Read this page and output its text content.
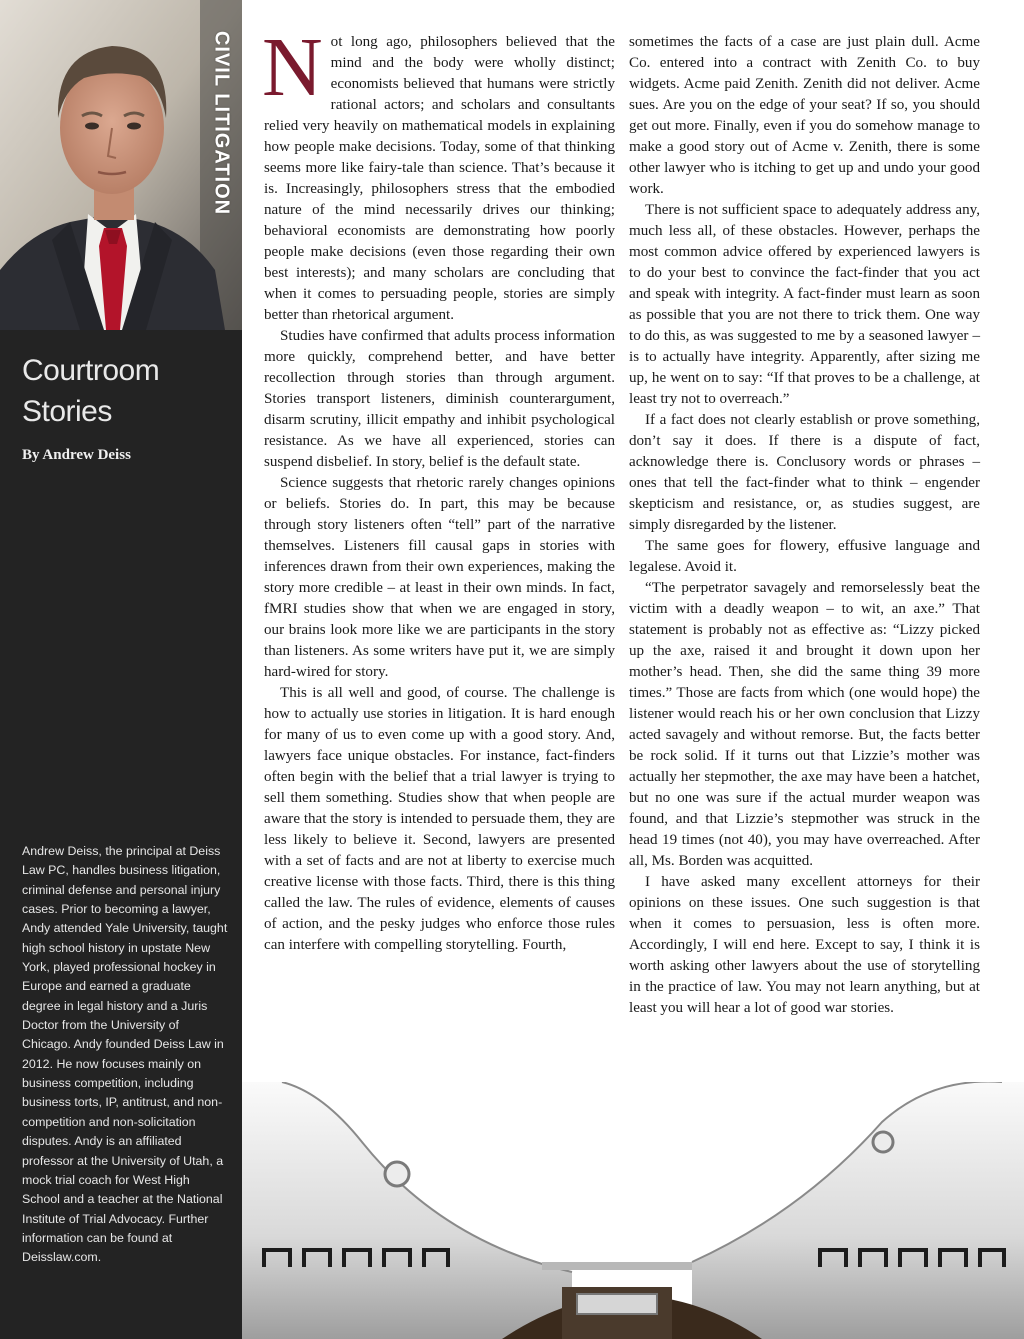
CIVIL LITIGATION
Courtroom Stories

By Andrew Deiss

Andrew Deiss, the principal at Deiss Law PC, handles business litigation, criminal defense and personal injury cases. Prior to becoming a lawyer, Andy attended Yale University, taught high school history in upstate New York, played professional hockey in Europe and earned a graduate degree in legal history and a Juris Doctor from the University of Chicago. Andy founded Deiss Law in 2012. He now focuses mainly on business competition, including business torts, IP, antitrust, and non-competition and non-solicitation disputes. Andy is an affiliated professor at the University of Utah, a mock trial coach for West High School and a teacher at the National Institute of Trial Advocacy. Further information can be found at Deisslaw.com.

N ot long ago, philosophers believed that the mind and the body were wholly distinct; economists believed that humans were strictly rational actors; and scholars and consultants relied very heavily on mathematical models in explaining how people make decisions. Today, some of that thinking seems more like fairy-tale than science. That’s because it is. Increasingly, philosophers stress that the embodied nature of the mind necessarily drives our thinking; behavioral economists are demonstrating how poorly people make decisions (even those regarding their own best interests); and many scholars are concluding that when it comes to persuading people, stories are simply better than rhetorical argument.

Studies have confirmed that adults process information more quickly, comprehend better, and have better recollection through stories than through argument. Stories transport listeners, diminish counterargument, disarm scrutiny, illicit empathy and inhibit psychological resistance. As we have all experienced, stories can suspend disbelief. In story, belief is the default state.

Science suggests that rhetoric rarely changes opinions or beliefs. Stories do. In part, this may be because through story listeners often “tell” part of the narrative themselves. Listeners fill causal gaps in stories with inferences drawn from their own experiences, making the story more credible – at least in their own minds. In fact, fMRI studies show that when we are engaged in story, our brains look more like we are participants in the story than listeners. As some writers have put it, we are simply hard-wired for story.

This is all well and good, of course. The challenge is how to actually use stories in litigation. It is hard enough for many of us to even come up with a good story. And, lawyers face unique obstacles. For instance, fact-finders often begin with the belief that a trial lawyer is trying to sell them something. Studies show that when people are aware that the story is intended to persuade them, they are less likely to believe it. Second, lawyers are presented with a set of facts and are not at liberty to exercise much creative license with those facts. Third, there is this thing called the law. The rules of evidence, elements of causes of action, and the pesky judges who enforce those rules can interfere with compelling storytelling. Fourth,

sometimes the facts of a case are just plain dull. Acme Co. entered into a contract with Zenith Co. to buy widgets. Acme paid Zenith. Zenith did not deliver. Acme sues. Are you on the edge of your seat? If so, you should get out more. Finally, even if you do somehow manage to make a good story out of Acme v. Zenith, there is some other lawyer who is itching to get up and undo your good work.

There is not sufficient space to adequately address any, much less all, of these obstacles. However, perhaps the most common advice offered by experienced lawyers is to do your best to convince the fact-finder that you act and speak with integrity. A fact-finder must learn as soon as possible that you are not there to trick them. One way to do this, as was suggested to me by a seasoned lawyer – is to actually have integrity. Apparently, after sizing me up, he went on to say: “If that proves to be a challenge, at least try not to overreach.”

If a fact does not clearly establish or prove something, don’t say it does. If there is a dispute of fact, acknowledge there is. Conclusory words or phrases – ones that tell the fact-finder what to think – engender skepticism and resistance, or, as studies suggest, are simply disregarded by the listener.

The same goes for flowery, effusive language and legalese. Avoid it.

“The perpetrator savagely and remorselessly beat the victim with a deadly weapon – to wit, an axe.” That statement is probably not as effective as: “Lizzy picked up the axe, raised it and brought it down upon her mother’s head. Then, she did the same thing 39 more times.” Those are facts from which (one would hope) the listener would reach his or her own conclusion that Lizzy acted savagely and without remorse. But, the facts better be rock solid. If it turns out that Lizzie’s mother was actually her stepmother, the axe may have been a hatchet, but no one was sure if the actual murder weapon was found, and that Lizzie’s stepmother was struck in the head 19 times (not 40), you may have overreached. After all, Ms. Borden was acquitted.

I have asked many excellent attorneys for their opinions on these issues. One such suggestion is that when it comes to persuasion, less is often more. Accordingly, I will end here. Except to say, I think it is worth asking other lawyers about the use of storytelling in the practice of law. You may not learn anything, but at least you will hear a lot of good war stories.
